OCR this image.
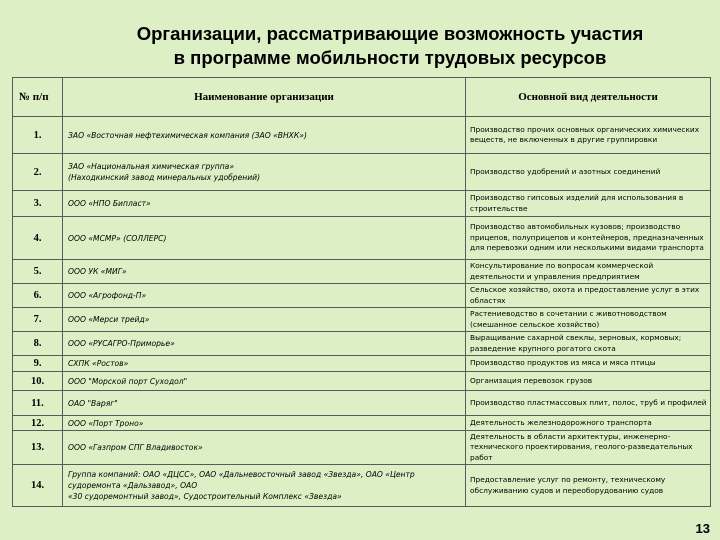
Организации, рассматривающие возможность участия

в программе мобильности трудовых ресурсов
№ п/п	Наименование организации	Основной вид деятельности
1.	ЗАО «Восточная нефтехимическая компания (ЗАО «ВНХК»)	Производство прочих основных органических химических веществ, не включенных в другие группировки
2.	ЗАО «Национальная химическая группа»
(Находкинский завод минеральных удобрений)	Производство удобрений и азотных соединений
3.	ООО «НПО Бипласт»	Производство гипсовых изделий для использования в строительстве
4.	ООО «МСМР» (СОЛЛЕРС)	Производство автомобильных кузовов; производство прицепов, полуприцепов и контейнеров, предназначенных для перевозки одним или несколькими видами транспорта
5.	ООО УК «МИГ»	Консультирование по вопросам коммерческой деятельности и управления предприятием
6.	ООО «Агрофонд-П»	Сельское хозяйство, охота и предоставление услуг в этих областях
7.	ООО «Мерси трейд»	Растениеводство в сочетании с животноводством (смешанное сельское хозяйство)
8.	ООО «РУСАГРО-Приморье»	Выращивание сахарной свеклы, зерновых, кормовых; разведение крупного рогатого скота
9.	СХПК «Ростов»	Производство продуктов из мяса и мяса птицы
10.	ООО "Морской порт Суходол"	Организация перевозок грузов
11.	ОАО "Варяг"	Производство пластмассовых плит, полос, труб и профилей
12.	ООО «Порт Троно»	Деятельность железнодорожного транспорта
13.	ООО «Газпром СПГ Владивосток»	Деятельность в области архитектуры, инженерно-технического проектирования, геолого-разведательных работ
14.	Группа компаний: ОАО «ДЦСС», ОАО «Дальневосточный завод «Звезда», ОАО «Центр судоремонта «Дальзавод», ОАО
«30 судоремонтный завод», Судостроительный Комплекс «Звезда»	Предоставление услуг по ремонту, техническому обслуживанию судов и переоборудованию судов
13
